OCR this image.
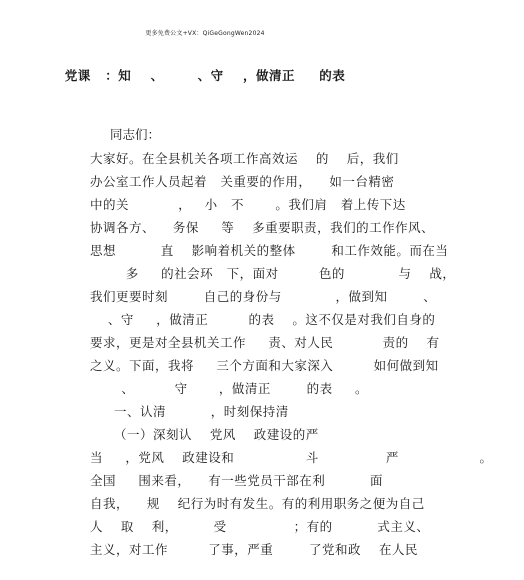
更多免费公文+VX：QiGeGongWen2024
党课   ：知    、       、守    ，做清正     的表
同志们：
大家好。在全县机关各项工作高效运    的    后，我们
办公室工作人员起着   关重要的作用，    如一台精密
中的关           ，   小   不       。我们肩   着上传下达
协调各方、    务保     等    多重要职责，我们的工作作风、
思想          直    影响着机关的整体        和工作效能。而在当
多     的社会环   下，面对         色的            与    战，
我们更要时刻        自己的身份与            ，做到知        、
、守     ，做清正         的表    。这不仅是对我们自身的
要求，更是对全县机关工作     责、对人民           责的    有
之义。下面，我将     三个方面和大家深入         如何做到知
、         守       ，做清正        的表     。
一、认清          ，时刻保持清
（一）深刻认    党风    政建设的严
当     ，党风    政建设和                斗               严                  。
全国     围来看，    有一些党员干部在利          面
自我，    规    纪行为时有发生。有的利用职务之便为自己
人    取    利，        受               ；有的          式主义、
主义，对工作         了事，严重        了党和政    在人民
